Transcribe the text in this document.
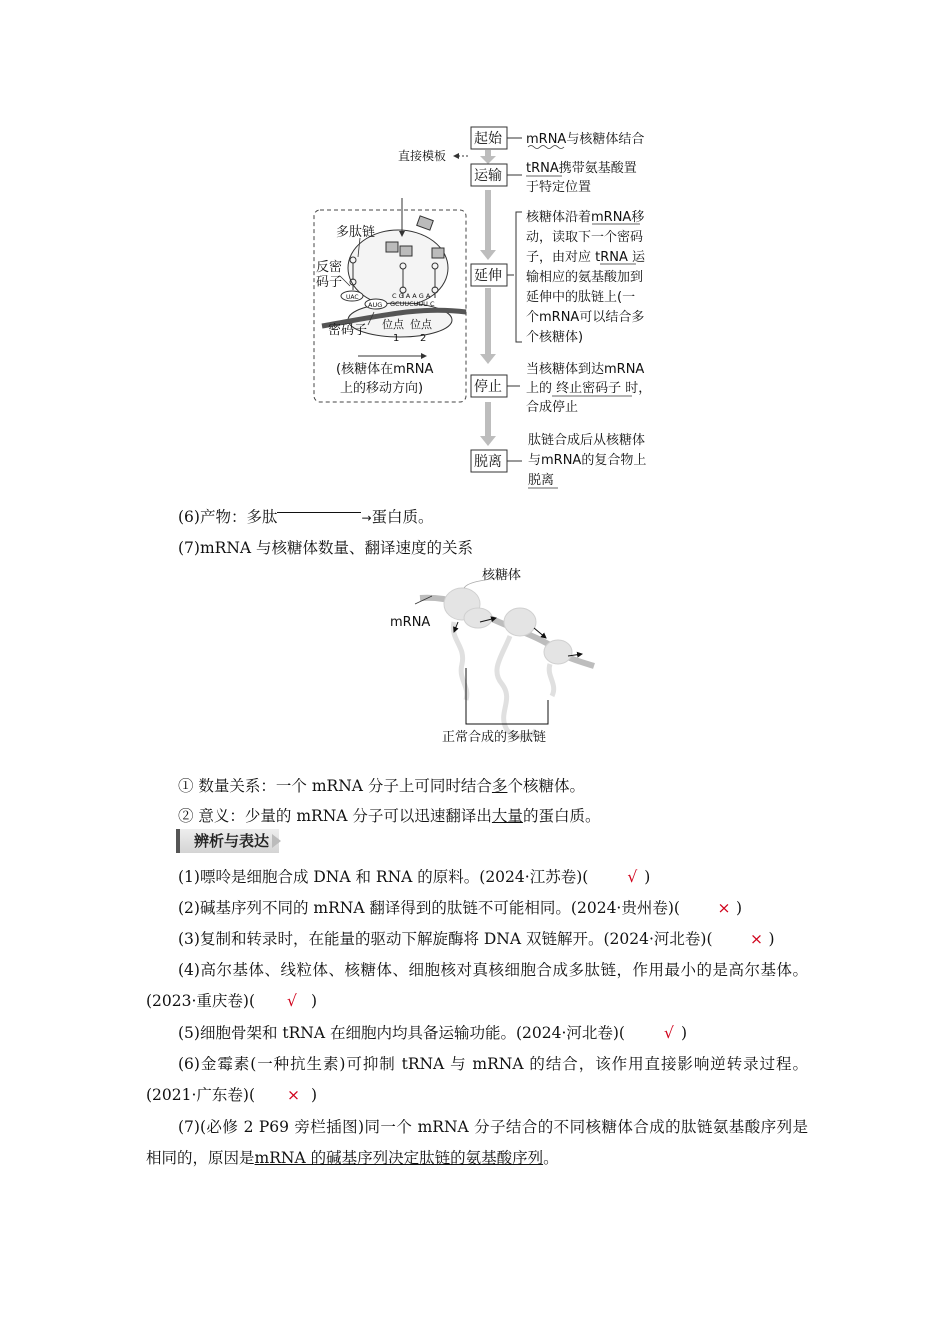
UAC
AUG
C G A A G A
GCUUCUUU C
多肽链
反密
码子
密码子 位点 位点
1 2
(核糖体在mRNA
上的移动方向)
起始
运输
延伸
停止
脱离
直接模板
mRNA与核糖体结合
tRNA携带氨基酸置
于特定位置
核糖体沿着mRNA移
动，读取下一个密码
子，由对应 tRNA 运
输相应的氨基酸加到
延伸中的肽链上(一
个mRNA可以结合多
个核糖体)
当核糖体到达mRNA
上的 终止密码子 时，
合成停止
肽链合成后从核糖体
与mRNA的复合物上
脱离
(6)产物：多肽	→蛋白质。
(7)mRNA 与核糖体数量、翻译速度的关系
核糖体
mRNA
正常合成的多肽链
① 数量关系：一个 mRNA 分子上可同时结合多个核糖体。
② 意义：少量的 mRNA 分子可以迅速翻译出大量的蛋白质。
辨析与表达
(1)嘌呤是细胞合成 DNA 和 RNA 的原料。(2024·江苏卷)(	√ )
(2)碱基序列不同的 mRNA 翻译得到的肽链不可能相同。(2024·贵州卷)( × )
(3)复制和转录时，在能量的驱动下解旋酶将 DNA 双链解开。(2024·河北卷)( × )
(4)高尔基体、线粒体、核糖体、细胞核对真核细胞合成多肽链，作用最小的是高尔基体。(2023·重庆卷)( √ )
(5)细胞骨架和 tRNA 在细胞内均具备运输功能。(2024·河北卷)(	√ )
(6)金霉素(一种抗生素)可抑制 tRNA 与 mRNA 的结合，该作用直接影响逆转录过程。(2021·广东卷)( × )
(7)(必修 2 P69 旁栏插图)同一个 mRNA 分子结合的不同核糖体合成的肽链氨基酸序列是相同的，原因是mRNA 的碱基序列决定肽链的氨基酸序列。
